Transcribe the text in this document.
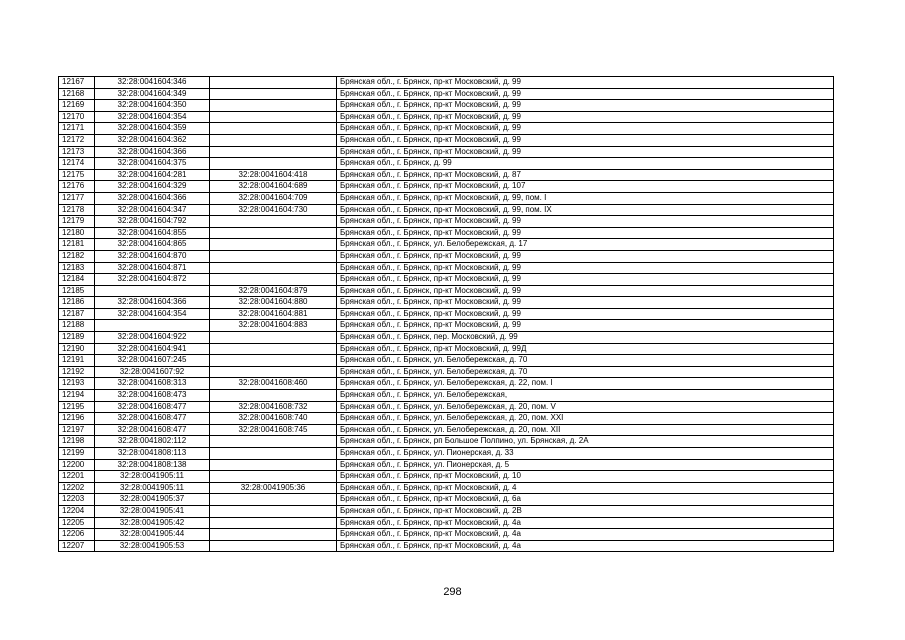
12167	32:28:0041604:346		Брянская обл., г. Брянск, пр-кт Московский, д. 99
12168	32:28:0041604:349		Брянская обл., г. Брянск, пр-кт Московский, д. 99
12169	32:28:0041604:350		Брянская обл., г. Брянск, пр-кт Московский, д. 99
12170	32:28:0041604:354		Брянская обл., г. Брянск, пр-кт Московский, д. 99
12171	32:28:0041604:359		Брянская обл., г. Брянск, пр-кт Московский, д. 99
12172	32:28:0041604:362		Брянская обл., г. Брянск, пр-кт Московский, д. 99
12173	32:28:0041604:366		Брянская обл., г. Брянск, пр-кт Московский, д. 99
12174	32:28:0041604:375		Брянская обл., г. Брянск, д. 99
12175	32:28:0041604:281	32:28:0041604:418	Брянская обл., г. Брянск, пр-кт Московский, д. 87
12176	32:28:0041604:329	32:28:0041604:689	Брянская обл., г. Брянск, пр-кт Московский, д. 107
12177	32:28:0041604:366	32:28:0041604:709	Брянская обл., г. Брянск, пр-кт Московский, д. 99, пом. I
12178	32:28:0041604:347	32:28:0041604:730	Брянская обл., г. Брянск, пр-кт Московский, д. 99, пом. IX
12179	32:28:0041604:792		Брянская обл., г. Брянск, пр-кт Московский, д. 99
12180	32:28:0041604:855		Брянская обл., г. Брянск, пр-кт Московский, д. 99
12181	32:28:0041604:865		Брянская обл., г. Брянск, ул. Белобережская, д. 17
12182	32:28:0041604:870		Брянская обл., г. Брянск, пр-кт Московский, д. 99
12183	32:28:0041604:871		Брянская обл., г. Брянск, пр-кт Московский, д. 99
12184	32:28:0041604:872		Брянская обл., г. Брянск, пр-кт Московский, д. 99
12185		32:28:0041604:879	Брянская обл., г. Брянск, пр-кт Московский, д. 99
12186	32:28:0041604:366	32:28:0041604:880	Брянская обл., г. Брянск, пр-кт Московский, д. 99
12187	32:28:0041604:354	32:28:0041604:881	Брянская обл., г. Брянск, пр-кт Московский, д. 99
12188		32:28:0041604:883	Брянская обл., г. Брянск, пр-кт Московский, д. 99
12189	32:28:0041604:922		Брянская обл., г. Брянск, пер. Московский, д. 99
12190	32:28:0041604:941		Брянская обл., г. Брянск, пр-кт Московский, д. 99Д
12191	32:28:0041607:245		Брянская обл., г. Брянск, ул. Белобережская, д. 70
12192	32:28:0041607:92		Брянская обл., г. Брянск, ул. Белобережская, д. 70
12193	32:28:0041608:313	32:28:0041608:460	Брянская обл., г. Брянск, ул. Белобережская, д. 22, пом. I
12194	32:28:0041608:473		Брянская обл., г. Брянск, ул. Белобережская,
12195	32:28:0041608:477	32:28:0041608:732	Брянская обл., г. Брянск, ул. Белобережская, д. 20, пом. V
12196	32:28:0041608:477	32:28:0041608:740	Брянская обл., г. Брянск, ул. Белобережская, д. 20, пом. XXI
12197	32:28:0041608:477	32:28:0041608:745	Брянская обл., г. Брянск, ул. Белобережская, д. 20, пом. XII
12198	32:28:0041802:112		Брянская обл., г. Брянск, рп Большое Полпино, ул. Брянская, д. 2А
12199	32:28:0041808:113		Брянская обл., г. Брянск, ул. Пионерская, д. 33
12200	32:28:0041808:138		Брянская обл., г. Брянск, ул. Пионерская, д. 5
12201	32:28:0041905:11		Брянская обл., г. Брянск, пр-кт Московский, д. 10
12202	32:28:0041905:11	32:28:0041905:36	Брянская обл., г. Брянск, пр-кт Московский, д. 4
12203	32:28:0041905:37		Брянская обл., г. Брянск, пр-кт Московский, д. 6а
12204	32:28:0041905:41		Брянская обл., г. Брянск, пр-кт Московский, д. 2В
12205	32:28:0041905:42		Брянская обл., г. Брянск, пр-кт Московский, д. 4а
12206	32:28:0041905:44		Брянская обл., г. Брянск, пр-кт Московский, д. 4а
12207	32:28:0041905:53		Брянская обл., г. Брянск, пр-кт Московский, д. 4а
298
